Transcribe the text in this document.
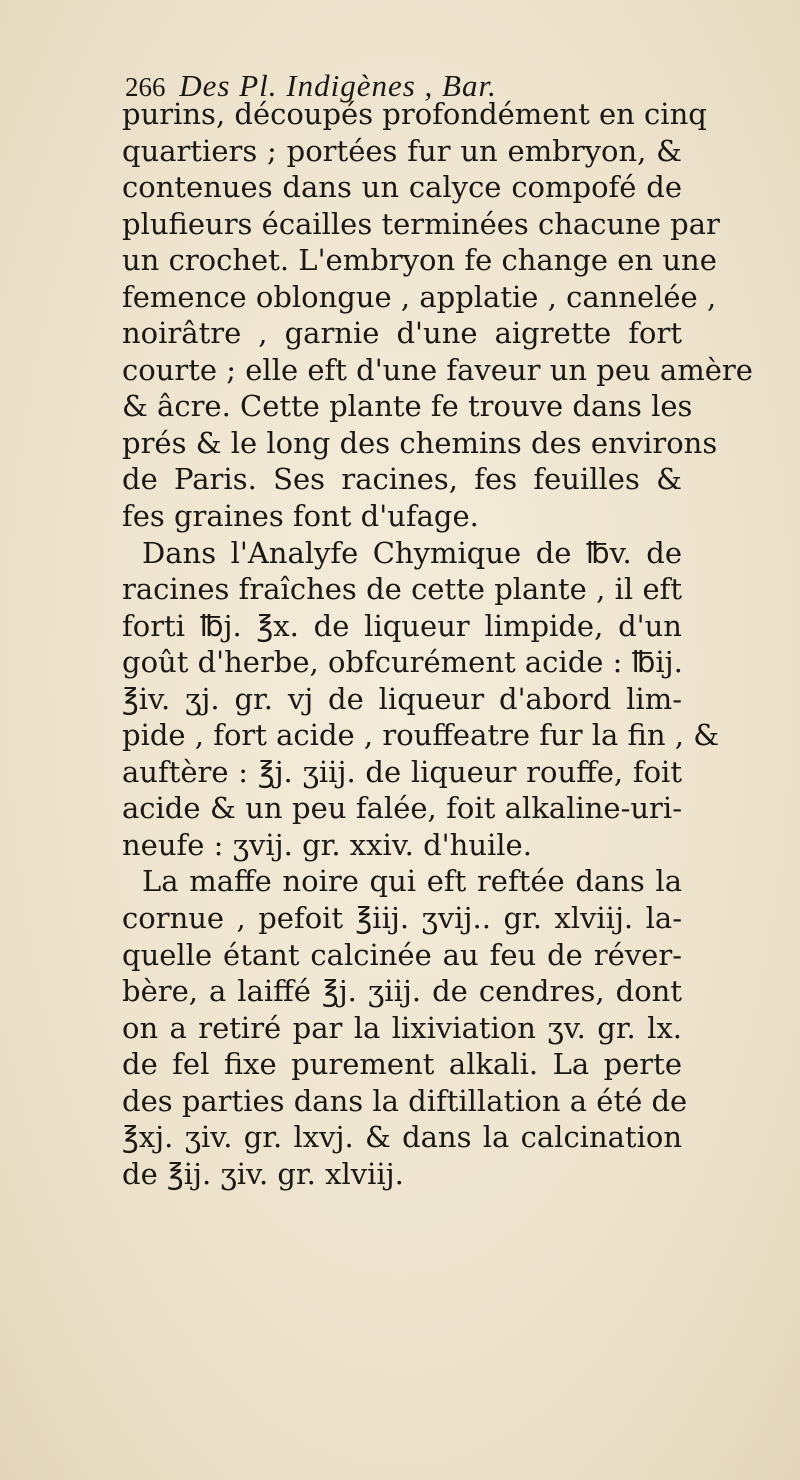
266 Des Pl. Indigènes , Bar.
purins, découpés profondément en cinq
quartiers ; portées fur un embryon, &
contenues dans un calyce compofé de
plufieurs écailles terminées chacune par
un crochet. L'embryon fe change en une
femence oblongue , applatie , cannelée ,
noirâtre , garnie d'une aigrette fort
courte ; elle eft d'une faveur un peu amère
& âcre. Cette plante fe trouve dans les
prés & le long des chemins des environs
de Paris. Ses racines, fes feuilles &
fes graines font d'ufage.
Dans l'Analyfe Chymique de ℔v. de
racines fraîches de cette plante , il eft
forti ℔j. ℥x. de liqueur limpide, d'un
goût d'herbe, obfcurément acide : ℔ij.
℥iv. ʒj. gr. vj de liqueur d'abord lim-
pide , fort acide , rouffeatre fur la fin , &
auftère : ℥j. ʒiij. de liqueur rouffe, foit
acide & un peu falée, foit alkaline-uri-
neufe : ʒvij. gr. xxiv. d'huile.
La maffe noire qui eft reftée dans la
cornue , pefoit ℥iij. ʒvij.. gr. xlviij. la-
quelle étant calcinée au feu de réver-
bère, a laiffé ℥j. ʒiij. de cendres, dont
on a retiré par la lixiviation ʒv. gr. lx.
de fel fixe purement alkali. La perte
des parties dans la diftillation a été de
℥xj. ʒiv. gr. lxvj. & dans la calcination
de ℥ij. ʒiv. gr. xlviij.
